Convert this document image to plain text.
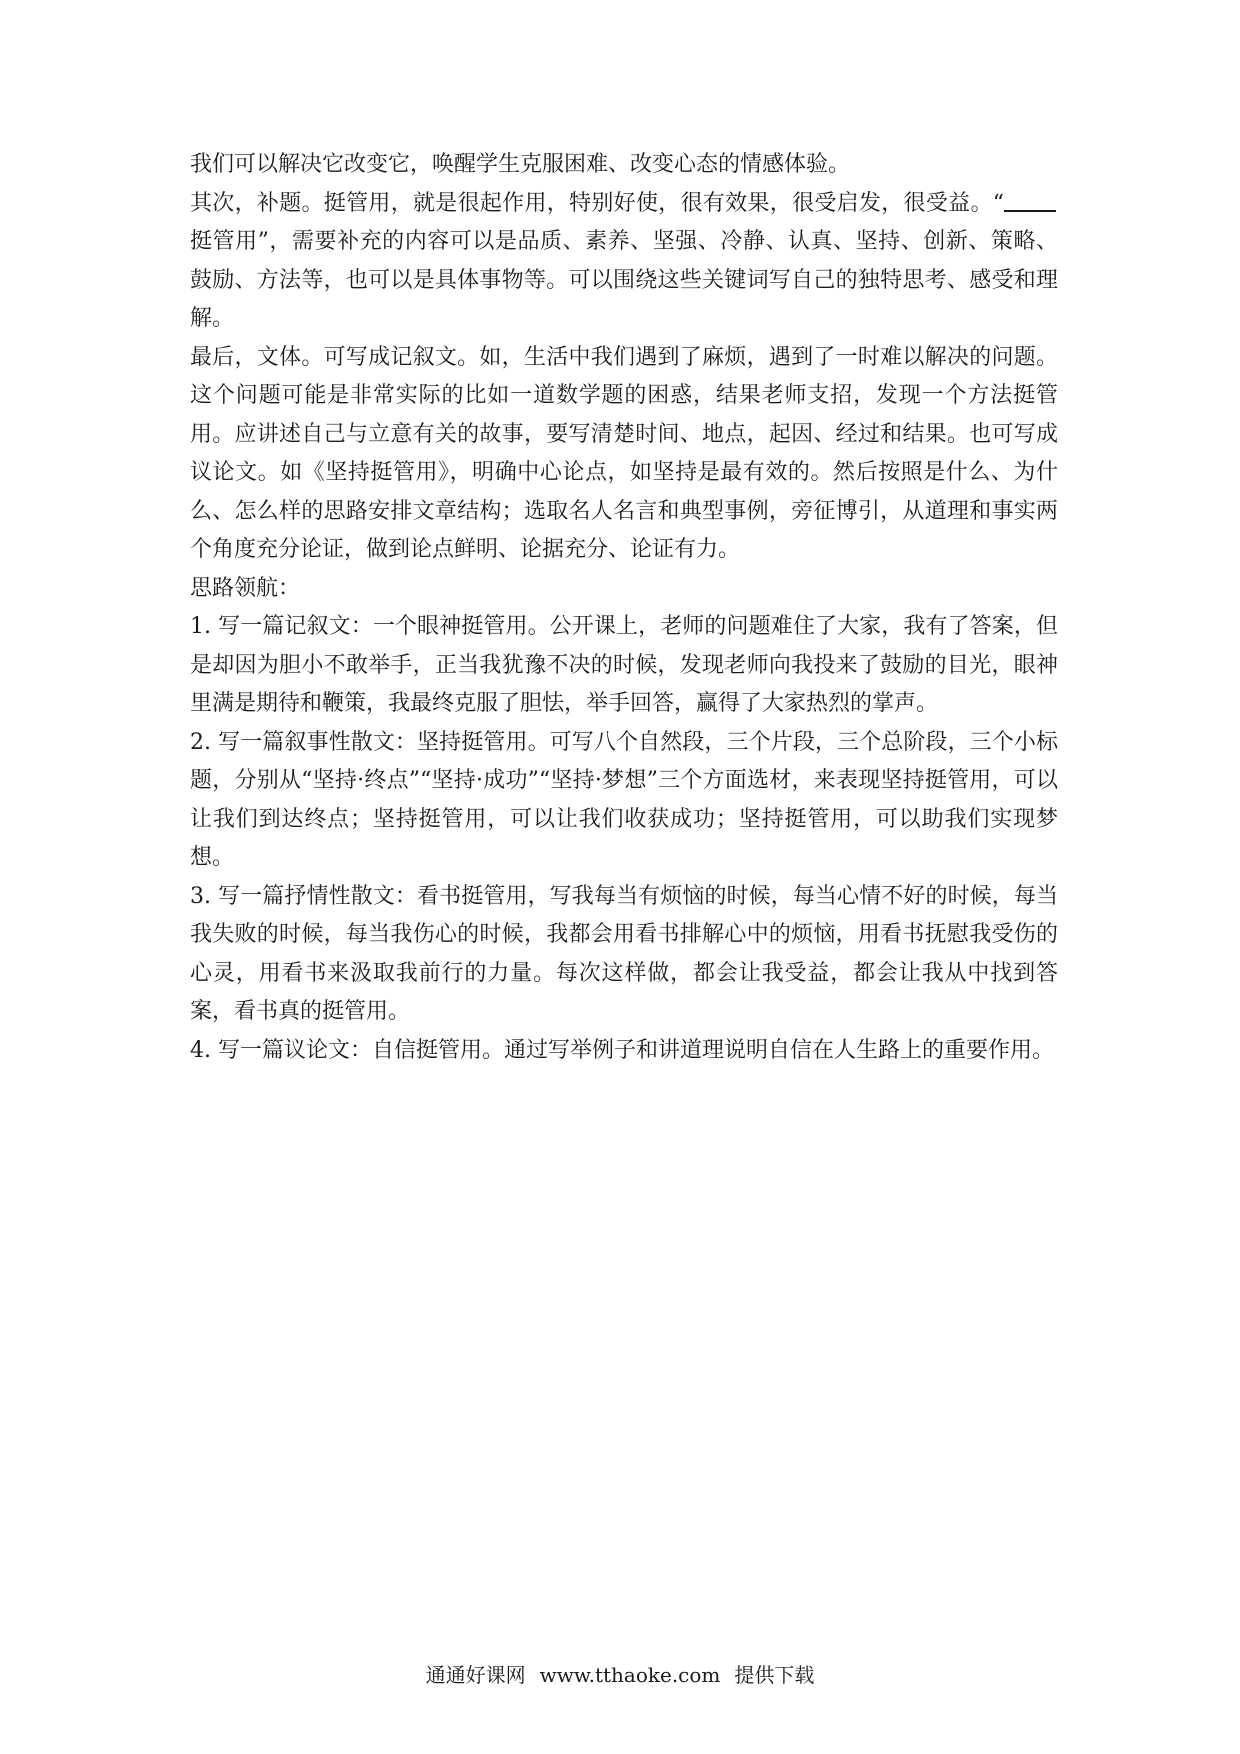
我们可以解决它改变它，唤醒学生克服困难、改变心态的情感体验。

其次，补题。挺管用，就是很起作用，特别好使，很有效果，很受启发，很受益。“挺管用”，需要补充的内容可以是品质、素养、坚强、冷静、认真、坚持、创新、策略、鼓励、方法等，也可以是具体事物等。可以围绕这些关键词写自己的独特思考、感受和理解。

最后，文体。可写成记叙文。如，生活中我们遇到了麻烦，遇到了一时难以解决的问题。这个问题可能是非常实际的比如一道数学题的困惑，结果老师支招，发现一个方法挺管用。应讲述自己与立意有关的故事，要写清楚时间、地点，起因、经过和结果。也可写成议论文。如《坚持挺管用》，明确中心论点，如坚持是最有效的。然后按照是什么、为什么、怎么样的思路安排文章结构；选取名人名言和典型事例，旁征博引，从道理和事实两个角度充分论证，做到论点鲜明、论据充分、论证有力。

思路领航：

1. 写一篇记叙文：一个眼神挺管用。公开课上，老师的问题难住了大家，我有了答案，但是却因为胆小不敢举手，正当我犹豫不决的时候，发现老师向我投来了鼓励的目光，眼神里满是期待和鞭策，我最终克服了胆怯，举手回答，赢得了大家热烈的掌声。

2. 写一篇叙事性散文：坚持挺管用。可写八个自然段，三个片段，三个总阶段，三个小标题，分别从“坚持·终点”“坚持·成功”“坚持·梦想”三个方面选材，来表现坚持挺管用，可以让我们到达终点；坚持挺管用，可以让我们收获成功；坚持挺管用，可以助我们实现梦想。

3. 写一篇抒情性散文：看书挺管用，写我每当有烦恼的时候，每当心情不好的时候，每当我失败的时候，每当我伤心的时候，我都会用看书排解心中的烦恼，用看书抚慰我受伤的心灵，用看书来汲取我前行的力量。每次这样做，都会让我受益，都会让我从中找到答案，看书真的挺管用。

4. 写一篇议论文：自信挺管用。通过写举例子和讲道理说明自信在人生路上的重要作用。

通通好课网 www.tthaoke.com 提供下载
